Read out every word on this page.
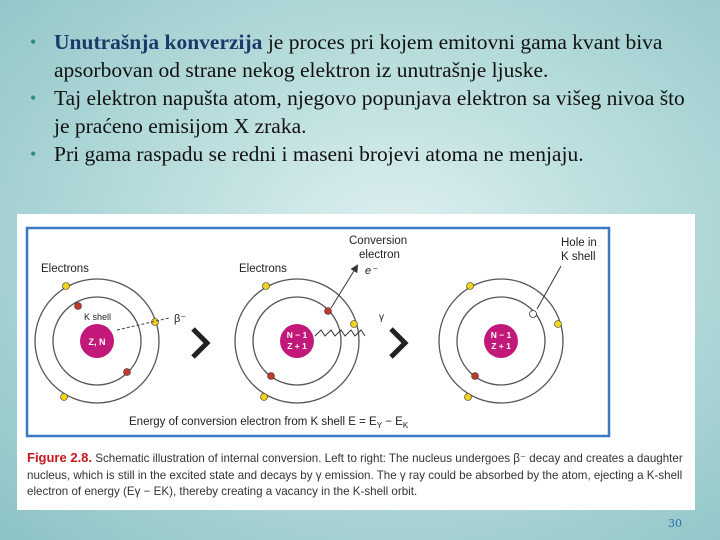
• Unutrašnja konverzija je proces pri kojem emitovni gama kvant biva apsorbovan od strane nekog elektron iz unutrašnje ljuske.
• Taj elektron napušta atom, njegovo popunjava elektron sa višeg nivoa što je praćeno emisijom X zraka.
• Pri gama raspadu se redni i maseni brojevi atoma ne menjaju.
Z, N
Electrons
K shell	β⁻
N − 1
Z + 1
Electrons
γ
Conversion
electron
e⁻
N − 1
Z + 1
Hole in
K shell
Energy of conversion electron from K shell $E = E_Y - E_K$
Figure 2.8. Schematic illustration of internal conversion. Left to right: The nucleus undergoes β⁻ decay and creates a daughter nucleus, which is still in the excited state and decays by γ emission. The γ ray could be absorbed by the atom, ejecting a K-shell electron of energy (Eγ − EK), thereby creating a vacancy in the K-shell orbit.
30
